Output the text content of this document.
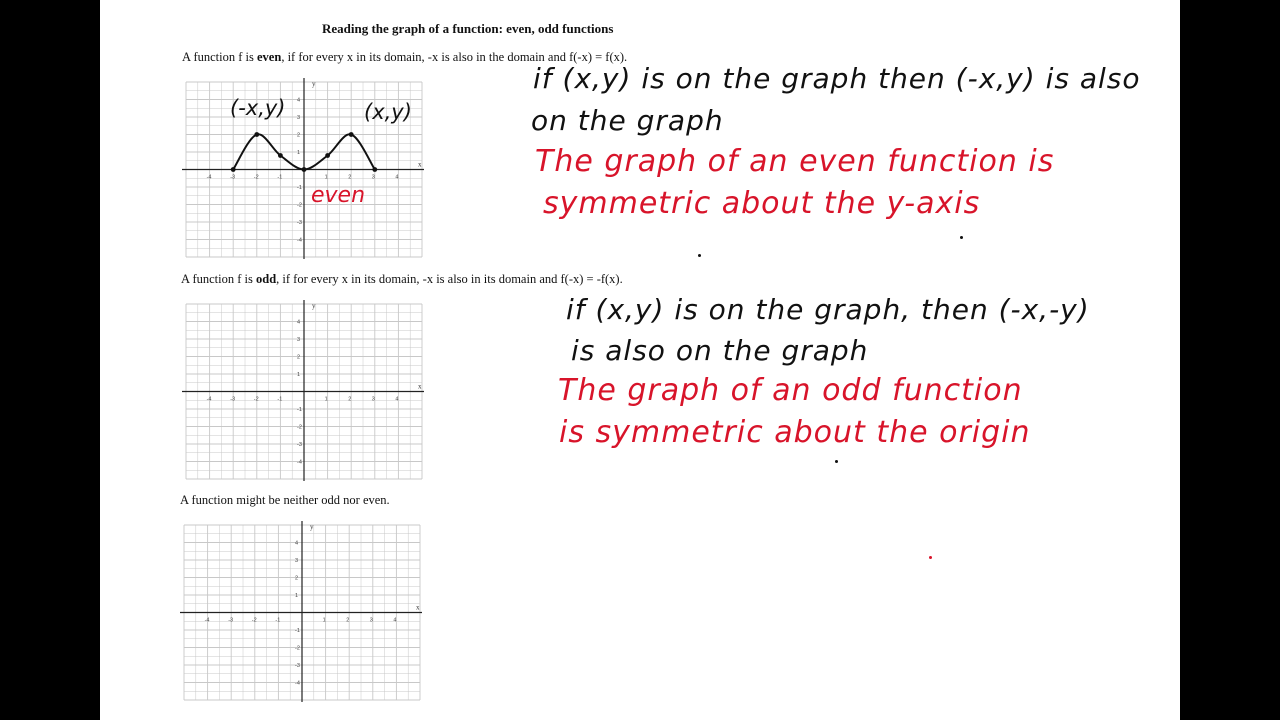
Reading the graph of a function: even, odd functions
A function f is even, if for every x in its domain, -x is also in the domain and f(-x) = f(x).
A function f is odd, if for every x in its domain, -x is also in its domain and f(-x) = -f(x).
A function might be neither odd nor even.
x
y
-4	-3	-2	-1	1	2	3	4
4
3
2
1
-1
-2
-3
-4
x
y
-4	-3	-2	-1	1	2	3	4
4
3
2
1
-1
-2
-3
-4
x
y
-4	-3	-2	-1	1	2	3	4
4
3
2
1
-1
-2
-3
-4
(-x,y)	(x,y)
even
if (x,y) is on the graph then (-x,y) is also
on the graph
The graph of an even function is
symmetric about the y-axis
if (x,y) is on the graph, then (-x,-y)
is also on the graph
The graph of an odd function
is symmetric about the origin
